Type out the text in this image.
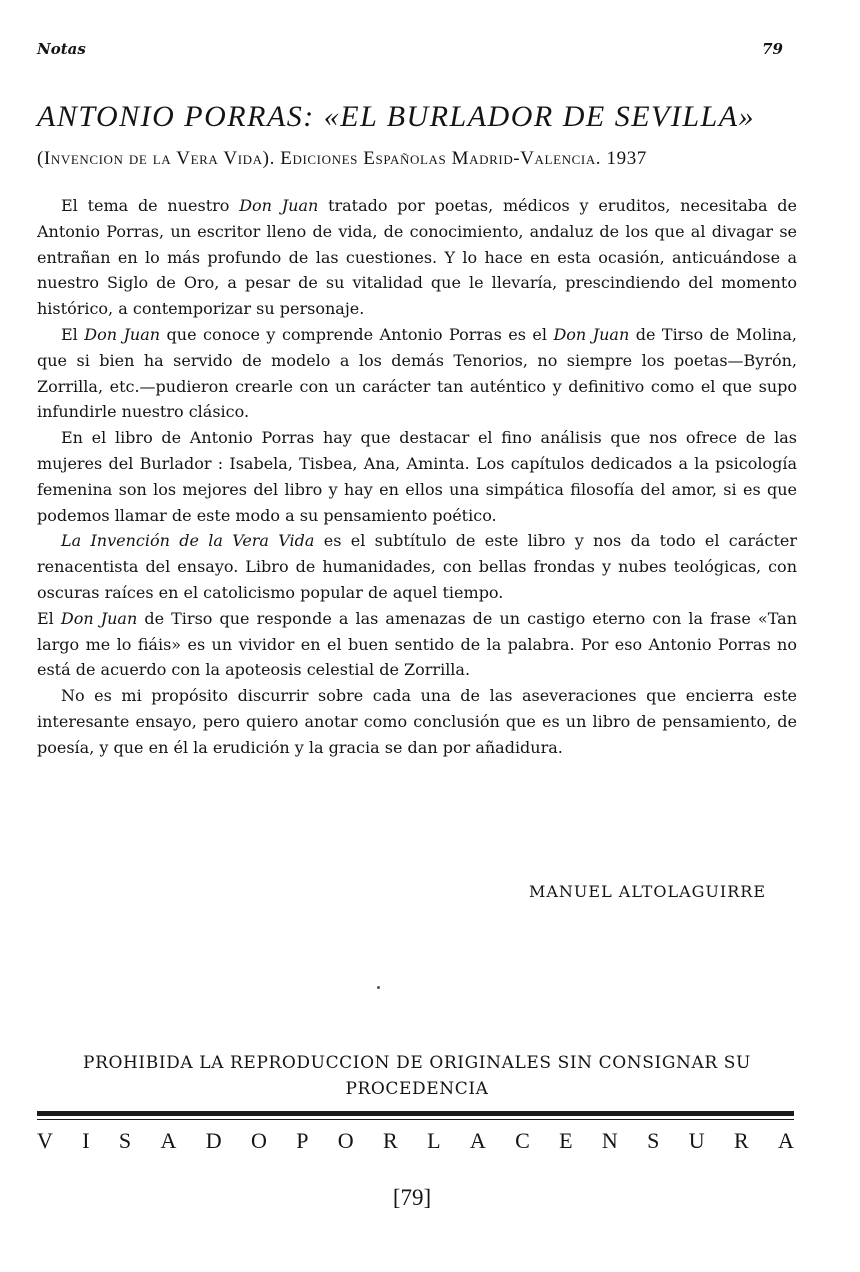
Notas	79
ANTONIO PORRAS: «EL BURLADOR DE SEVILLA»
(Invencion de la Vera Vida). Ediciones Españolas Madrid-Valencia. 1937

El tema de nuestro Don Juan tratado por poetas, médicos y eruditos, necesitaba de Antonio Porras, un escritor lleno de vida, de conocimiento, andaluz de los que al divagar se entrañan en lo más profundo de las cuestiones. Y lo hace en esta ocasión, anticuándose a nuestro Siglo de Oro, a pesar de su vitalidad que le llevaría, prescindiendo del momento histórico, a contemporizar su personaje.

El Don Juan que conoce y comprende Antonio Porras es el Don Juan de Tirso de Molina, que si bien ha servido de modelo a los demás Tenorios, no siempre los poetas—Byrón, Zorrilla, etc.—pudieron crearle con un carácter tan auténtico y definitivo como el que supo infundirle nuestro clásico.

En el libro de Antonio Porras hay que destacar el fino análisis que nos ofrece de las mujeres del Burlador : Isabela, Tisbea, Ana, Aminta. Los capítulos dedicados a la psicología femenina son los mejores del libro y hay en ellos una simpática filosofía del amor, si es que podemos llamar de este modo a su pensamiento poético.

La Invención de la Vera Vida es el subtítulo de este libro y nos da todo el carácter renacentista del ensayo. Libro de humanidades, con bellas frondas y nubes teológicas, con oscuras raíces en el catolicismo popular de aquel tiempo.

El Don Juan de Tirso que responde a las amenazas de un castigo eterno con la frase «Tan largo me lo fiáis» es un vividor en el buen sentido de la palabra. Por eso Antonio Porras no está de acuerdo con la apoteosis celestial de Zorrilla.

No es mi propósito discurrir sobre cada una de las aseveraciones que encierra este interesante ensayo, pero quiero anotar como conclusión que es un libro de pensamiento, de poesía, y que en él la erudición y la gracia se dan por añadidura.

MANUEL ALTOLAGUIRRE
PROHIBIDA LA REPRODUCCION DE ORIGINALES SIN CONSIGNAR SU PROCEDENCIA
V I S A D O P O R L A C E N S U R A
[79]
